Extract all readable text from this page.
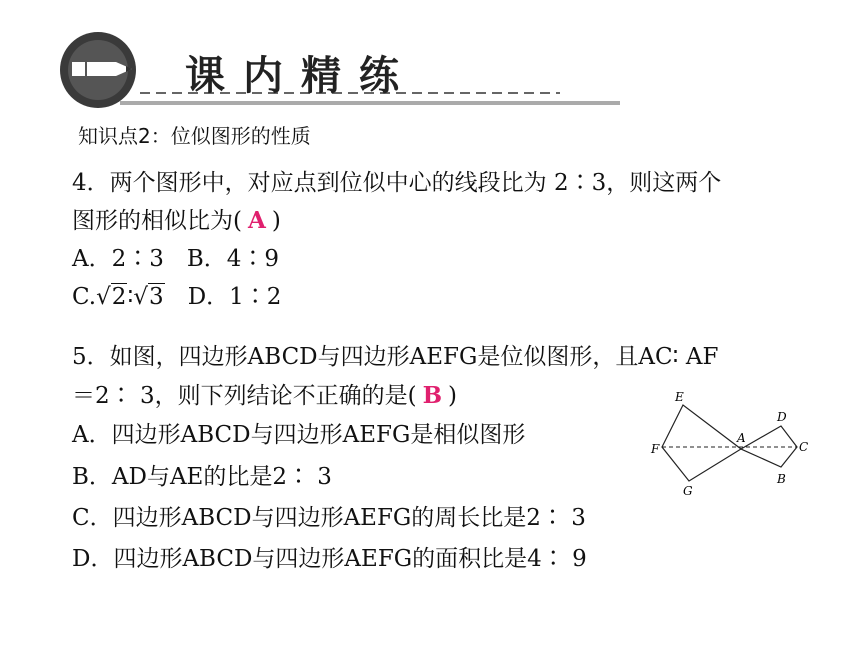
课内精练
知识点2：位似图形的性质
4．两个图形中，对应点到位似中心的线段比为 2∶3，则这两个
图形的相似比为( A )
A．2∶3　B．4∶9
C.√2∶√3　 D．1∶2
5．如图，四边形ABCD与四边形AEFG是位似图形，且AC∶ AF
＝2∶ 3，则下列结论不正确的是( B )
A．四边形ABCD与四边形AEFG是相似图形
B．AD与AE的比是2∶ 3
C．四边形ABCD与四边形AEFG的周长比是2∶ 3
D．四边形ABCD与四边形AEFG的面积比是4∶ 9
E
F
G
A
D
C
B
